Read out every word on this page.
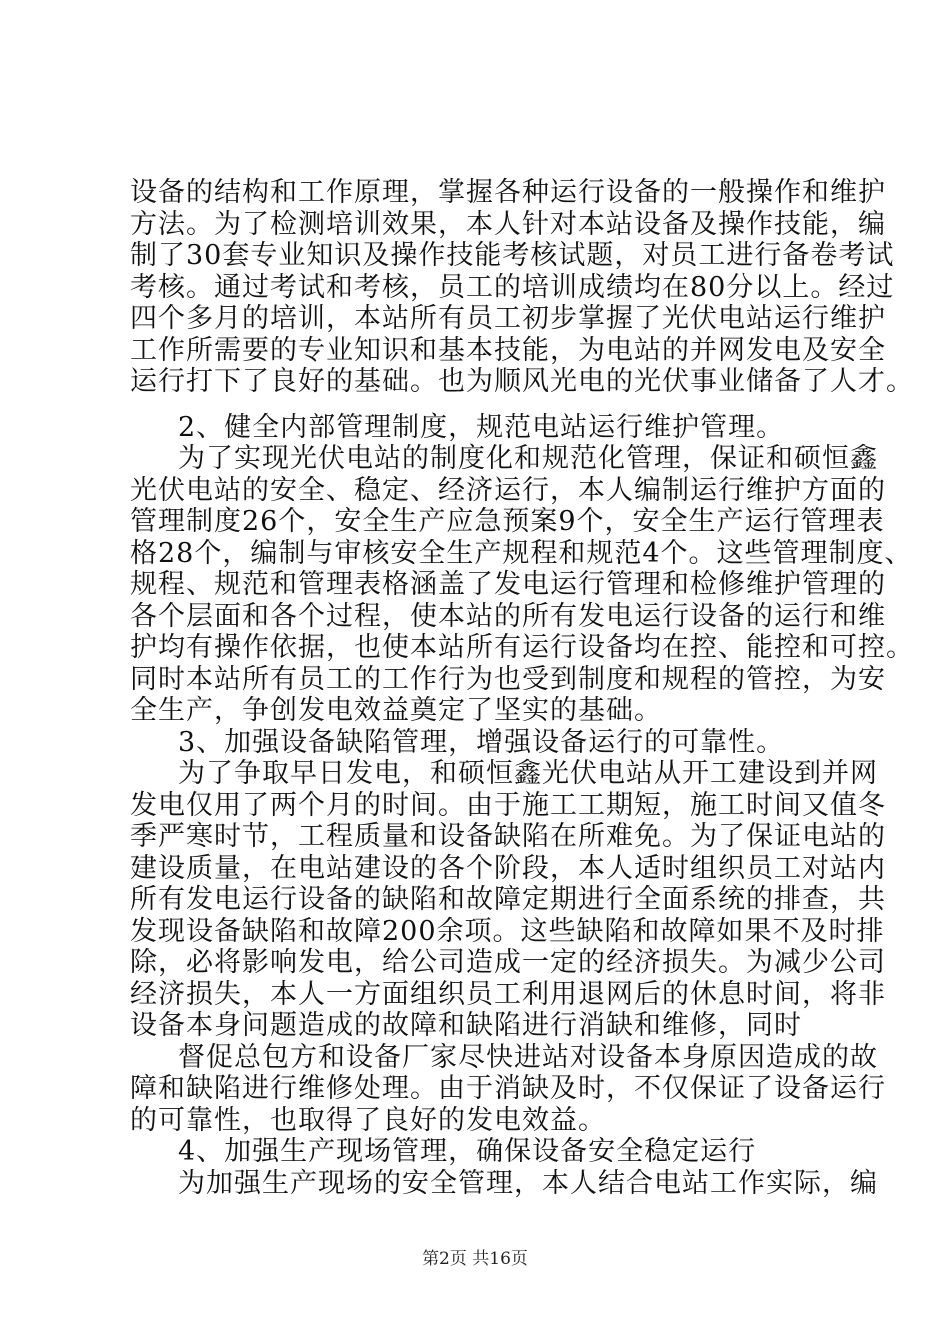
设备的结构和工作原理，掌握各种运行设备的一般操作和维护
方法。为了检测培训效果，本人针对本站设备及操作技能，编
制了30套专业知识及操作技能考核试题，对员工进行备卷考试
考核。通过考试和考核，员工的培训成绩均在80分以上。经过
四个多月的培训，本站所有员工初步掌握了光伏电站运行维护
工作所需要的专业知识和基本技能，为电站的并网发电及安全
运行打下了良好的基础。也为顺风光电的光伏事业储备了人才。
2、健全内部管理制度，规范电站运行维护管理。
为了实现光伏电站的制度化和规范化管理，保证和硕恒鑫
光伏电站的安全、稳定、经济运行，本人编制运行维护方面的
管理制度26个，安全生产应急预案9个，安全生产运行管理表
格28个，编制与审核安全生产规程和规范4个。这些管理制度、
规程、规范和管理表格涵盖了发电运行管理和检修维护管理的
各个层面和各个过程，使本站的所有发电运行设备的运行和维
护均有操作依据，也使本站所有运行设备均在控、能控和可控。
同时本站所有员工的工作行为也受到制度和规程的管控，为安
全生产，争创发电效益奠定了坚实的基础。
3、加强设备缺陷管理，增强设备运行的可靠性。
为了争取早日发电，和硕恒鑫光伏电站从开工建设到并网
发电仅用了两个月的时间。由于施工工期短，施工时间又值冬
季严寒时节，工程质量和设备缺陷在所难免。为了保证电站的
建设质量，在电站建设的各个阶段，本人适时组织员工对站内
所有发电运行设备的缺陷和故障定期进行全面系统的排查，共
发现设备缺陷和故障200余项。这些缺陷和故障如果不及时排
除，必将影响发电，给公司造成一定的经济损失。为减少公司
经济损失，本人一方面组织员工利用退网后的休息时间，将非
设备本身问题造成的故障和缺陷进行消缺和维修，同时
督促总包方和设备厂家尽快进站对设备本身原因造成的故
障和缺陷进行维修处理。由于消缺及时，不仅保证了设备运行
的可靠性，也取得了良好的发电效益。
4、加强生产现场管理，确保设备安全稳定运行
为加强生产现场的安全管理，本人结合电站工作实际，编
第2页 共16页
